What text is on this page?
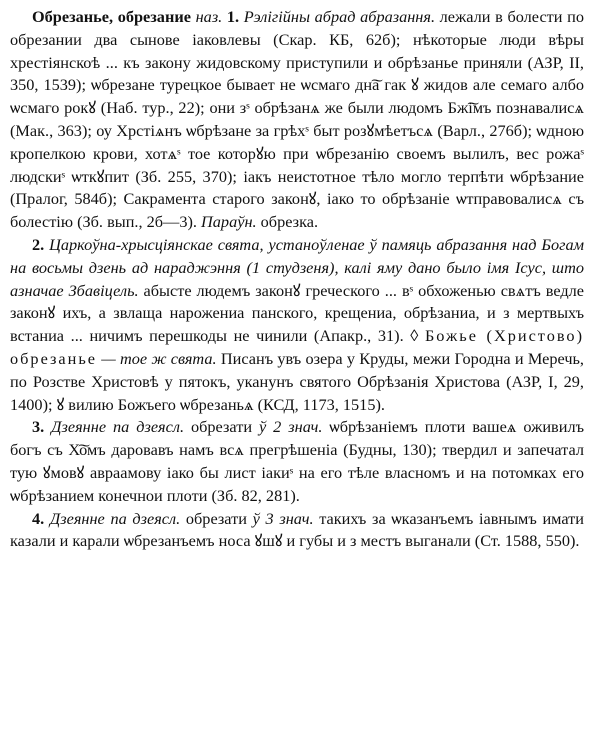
Обрезанье, обрезание наз. 1. Рэлігійны абрад абразання. лежали в болести по обрезании два сынове іаковлевы (Скар. КБ, 62б); нѣкоторые люди вѣры хрестіянскоѣ ... къ закону жидовскому приступили и обрѣзанье приняли (АЗР, II, 350, 1539); ѡбрезане турецкое бывает не ѡсмаго дн͠а гак ꙋ жидов але семаго албо ѡсмаго рокꙋ (Наб. тур., 22); они зˢ обрѣзанѧ же были людомъ Бж͠імъ познавалисѧ (Мак., 363); оу Хрстіѧнъ ѡбрѣзане за грѣхˢ быт розꙋмѣетъсѧ (Варл., 276б); ѡдною кропелкою крови, хотѧˢ тое которꙋю при ѡбрезанію своемъ вылилъ, вес рожаˢ людскиˢ ѡткꙋпит (Зб. 255, 370); іакъ неистотное тѣло могло терпѣти ѡбрѣзание (Пралог, 584б); Сакрамента старого законꙋ, іако то обрѣзаніе ѡтправовалисѧ съ болестію (Зб. вып., 2б—3). Параўн. обрезка.

2. Царкоўна-хрысціянскае свята, устаноўленае ў памяць абразання над Богам на восьмы дзень ад нараджэння (1 студзеня), калі яму дано было імя Ісус, што азначае Збавіцель. абысте людемъ законꙋ греческого ... вˢ обхоженью свѧтъ ведле законꙋ ихъ, а звлаща нарожениа панского, крещениа, обрѣзаниа, и з мертвыхъ встаниа ... ничимъ перешкоды не чинили (Апакр., 31). ◊ Божье (Христово) обрезанье — тое ж свята. Писанъ увъ озера у Круды, межи Городна и Меречь, по Розстве Христовѣ у пятокъ, уканунъ святого Обрѣзанія Христова (АЗР, I, 29, 1400); ꙋ вилию Божъего ѡбрезаньѧ (КСД, 1173, 1515).

3. Дзеянне па дзеясл. обрезати ў 2 знач. ѡбрѣзаніемъ плоти вашеѧ оживилъ богъ съ Х͠омъ даровавъ намъ всѧ прегрѣшеніа (Будны, 130); твердил и запечатал тую ꙋмовꙋ авраамову іако бы лист іакиˢ на его тѣле власномъ и на потомках его ѡбрѣзанием конечнои плоти (Зб. 82, 281).

4. Дзеянне па дзеясл. обрезати ў 3 знач. такихъ за ѡказанъемъ іавнымъ имати казали и карали ѡбрезанъемъ носа ꙋшꙋ и губы и з местъ выганали (Ст. 1588, 550).
